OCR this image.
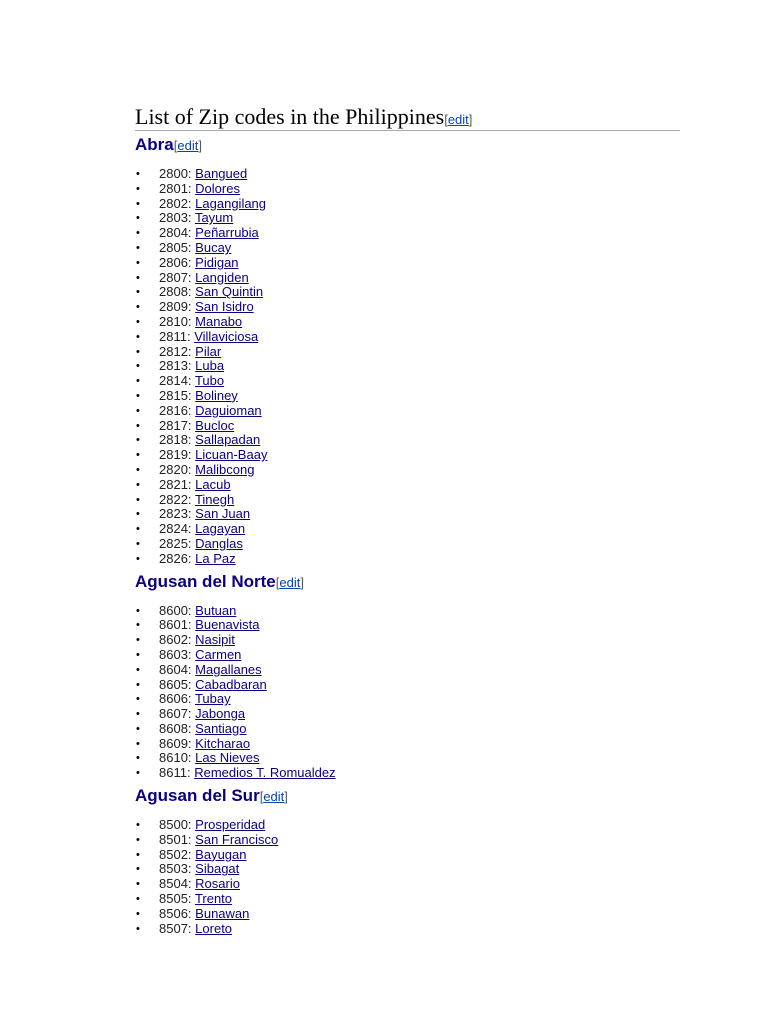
List of Zip codes in the Philippines[edit]
Abra[edit]
• 2800: Bangued
• 2801: Dolores
• 2802: Lagangilang
• 2803: Tayum
• 2804: Peñarrubia
• 2805: Bucay
• 2806: Pidigan
• 2807: Langiden
• 2808: San Quintin
• 2809: San Isidro
• 2810: Manabo
• 2811: Villaviciosa
• 2812: Pilar
• 2813: Luba
• 2814: Tubo
• 2815: Boliney
• 2816: Daguioman
• 2817: Bucloc
• 2818: Sallapadan
• 2819: Licuan-Baay
• 2820: Malibcong
• 2821: Lacub
• 2822: Tinegh
• 2823: San Juan
• 2824: Lagayan
• 2825: Danglas
• 2826: La Paz
Agusan del Norte[edit]
• 8600: Butuan
• 8601: Buenavista
• 8602: Nasipit
• 8603: Carmen
• 8604: Magallanes
• 8605: Cabadbaran
• 8606: Tubay
• 8607: Jabonga
• 8608: Santiago
• 8609: Kitcharao
• 8610: Las Nieves
• 8611: Remedios T. Romualdez
Agusan del Sur[edit]
• 8500: Prosperidad
• 8501: San Francisco
• 8502: Bayugan
• 8503: Sibagat
• 8504: Rosario
• 8505: Trento
• 8506: Bunawan
• 8507: Loreto
